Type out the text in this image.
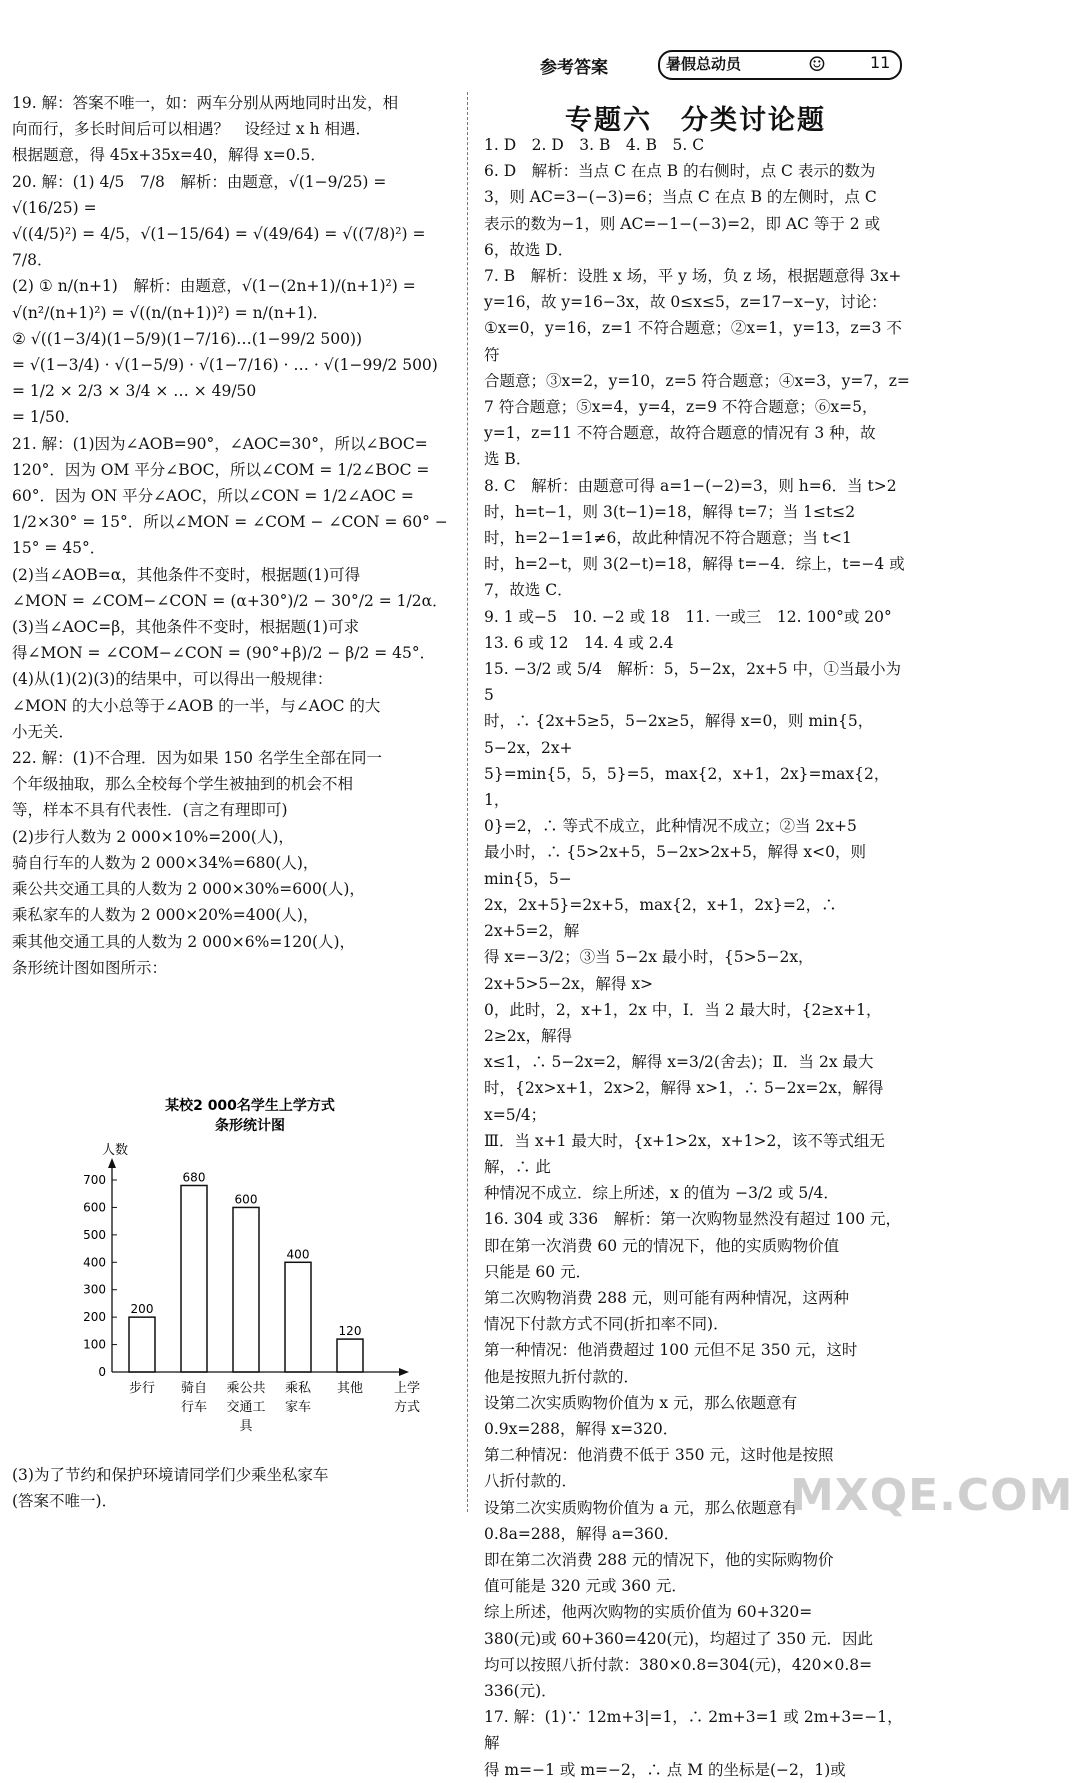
参考答案	暑假总动员	☺	11

19. 解：答案不唯一，如：两车分别从两地同时出发，相

向而行，多长时间后可以相遇？　设经过 x h 相遇．

根据题意，得 45x+35x=40，解得 x=0.5．

20. 解：(1) 4/5　7/8　解析：由题意，√(1−9/25) = √(16/25) =

√((4/5)²) = 4/5，√(1−15/64) = √(49/64) = √((7/8)²) = 7/8．

(2) ① n/(n+1)　解析：由题意，√(1−(2n+1)/(n+1)²) =

√(n²/(n+1)²) = √((n/(n+1))²) = n/(n+1)．

② √((1−3/4)(1−5/9)(1−7/16)…(1−99/2 500))

= √(1−3/4) · √(1−5/9) · √(1−7/16) · … · √(1−99/2 500)

= 1/2 × 2/3 × 3/4 × … × 49/50

= 1/50．

21. 解：(1)因为∠AOB=90°，∠AOC=30°，所以∠BOC=

120°．因为 OM 平分∠BOC，所以∠COM = 1/2∠BOC =

60°．因为 ON 平分∠AOC，所以∠CON = 1/2∠AOC =

1/2×30° = 15°．所以∠MON = ∠COM − ∠CON = 60° −

15° = 45°．

(2)当∠AOB=α，其他条件不变时，根据题(1)可得

∠MON = ∠COM−∠CON = (α+30°)/2 − 30°/2 = 1/2α．

(3)当∠AOC=β，其他条件不变时，根据题(1)可求

得∠MON = ∠COM−∠CON = (90°+β)/2 − β/2 = 45°．

(4)从(1)(2)(3)的结果中，可以得出一般规律：

∠MON 的大小总等于∠AOB 的一半，与∠AOC 的大

小无关．

22. 解：(1)不合理．因为如果 150 名学生全部在同一

个年级抽取，那么全校每个学生被抽到的机会不相

等，样本不具有代表性．(言之有理即可)

(2)步行人数为 2 000×10%=200(人)，

骑自行车的人数为 2 000×34%=680(人)，

乘公共交通工具的人数为 2 000×30%=600(人)，

乘私家车的人数为 2 000×20%=400(人)，

乘其他交通工具的人数为 2 000×6%=120(人)，

条形统计图如图所示：

某校2 000名学生上学方式
条形统计图
人数
0
100
200
300
400
500
600
700
200
步行
680
骑自
行车
600
乘公共
交通工
具
400
乘私
家车
120
其他 上学
方式

(3)为了节约和保护环境请同学们少乘坐私家车

(答案不唯一)．

专题六　分类讨论题

1. D　2. D　3. B　4. B　5. C

6. D　解析：当点 C 在点 B 的右侧时，点 C 表示的数为

3，则 AC=3−(−3)=6；当点 C 在点 B 的左侧时，点 C

表示的数为−1，则 AC=−1−(−3)=2，即 AC 等于 2 或

6，故选 D．

7. B　解析：设胜 x 场，平 y 场，负 z 场，根据题意得 3x+

y=16，故 y=16−3x，故 0≤x≤5，z=17−x−y，讨论：

①x=0，y=16，z=1 不符合题意；②x=1，y=13，z=3 不符

合题意；③x=2，y=10，z=5 符合题意；④x=3，y=7，z=

7 符合题意；⑤x=4，y=4，z=9 不符合题意；⑥x=5，

y=1，z=11 不符合题意，故符合题意的情况有 3 种，故

选 B．

8. C　解析：由题意可得 a=1−(−2)=3，则 h=6．当 t>2

时，h=t−1，则 3(t−1)=18，解得 t=7；当 1≤t≤2

时，h=2−1=1≠6，故此种情况不符合题意；当 t<1

时，h=2−t，则 3(2−t)=18，解得 t=−4．综上，t=−4 或

7，故选 C．

9. 1 或−5　10. −2 或 18　11. 一或三　12. 100°或 20°

13. 6 或 12　14. 4 或 2.4

15. −3/2 或 5/4　解析：5，5−2x，2x+5 中，①当最小为 5

时，∴ {2x+5≥5，5−2x≥5，解得 x=0，则 min{5，5−2x，2x+

5}=min{5，5，5}=5，max{2，x+1，2x}=max{2，1，

0}=2，∴ 等式不成立，此种情况不成立；②当 2x+5

最小时，∴ {5>2x+5，5−2x>2x+5，解得 x<0，则 min{5，5−

2x，2x+5}=2x+5，max{2，x+1，2x}=2，∴ 2x+5=2，解

得 x=−3/2；③当 5−2x 最小时，{5>5−2x，2x+5>5−2x，解得 x>

0，此时，2，x+1，2x 中，Ⅰ．当 2 最大时，{2≥x+1，2≥2x，解得

x≤1，∴ 5−2x=2，解得 x=3/2(舍去)；Ⅱ．当 2x 最大

时，{2x>x+1，2x>2，解得 x>1，∴ 5−2x=2x，解得 x=5/4；

Ⅲ．当 x+1 最大时，{x+1>2x，x+1>2，该不等式组无解，∴ 此

种情况不成立．综上所述，x 的值为 −3/2 或 5/4．

16. 304 或 336　解析：第一次购物显然没有超过 100 元，

即在第一次消费 60 元的情况下，他的实质购物价值

只能是 60 元．

第二次购物消费 288 元，则可能有两种情况，这两种

情况下付款方式不同(折扣率不同)．

第一种情况：他消费超过 100 元但不足 350 元，这时

他是按照九折付款的．

设第二次实质购物价值为 x 元，那么依题意有

0.9x=288，解得 x=320．

第二种情况：他消费不低于 350 元，这时他是按照

八折付款的．

设第二次实质购物价值为 a 元，那么依题意有

0.8a=288，解得 a=360．

即在第二次消费 288 元的情况下，他的实际购物价

值可能是 320 元或 360 元．

综上所述，他两次购物的实质价值为 60+320=

380(元)或 60+360=420(元)，均超过了 350 元．因此

均可以按照八折付款：380×0.8=304(元)，420×0.8=

336(元)．

17. 解：(1)∵ 12m+3|=1，∴ 2m+3=1 或 2m+3=−1，解

得 m=−1 或 m=−2，∴ 点 M 的坐标是(−2，1)或

MXQE.COM
